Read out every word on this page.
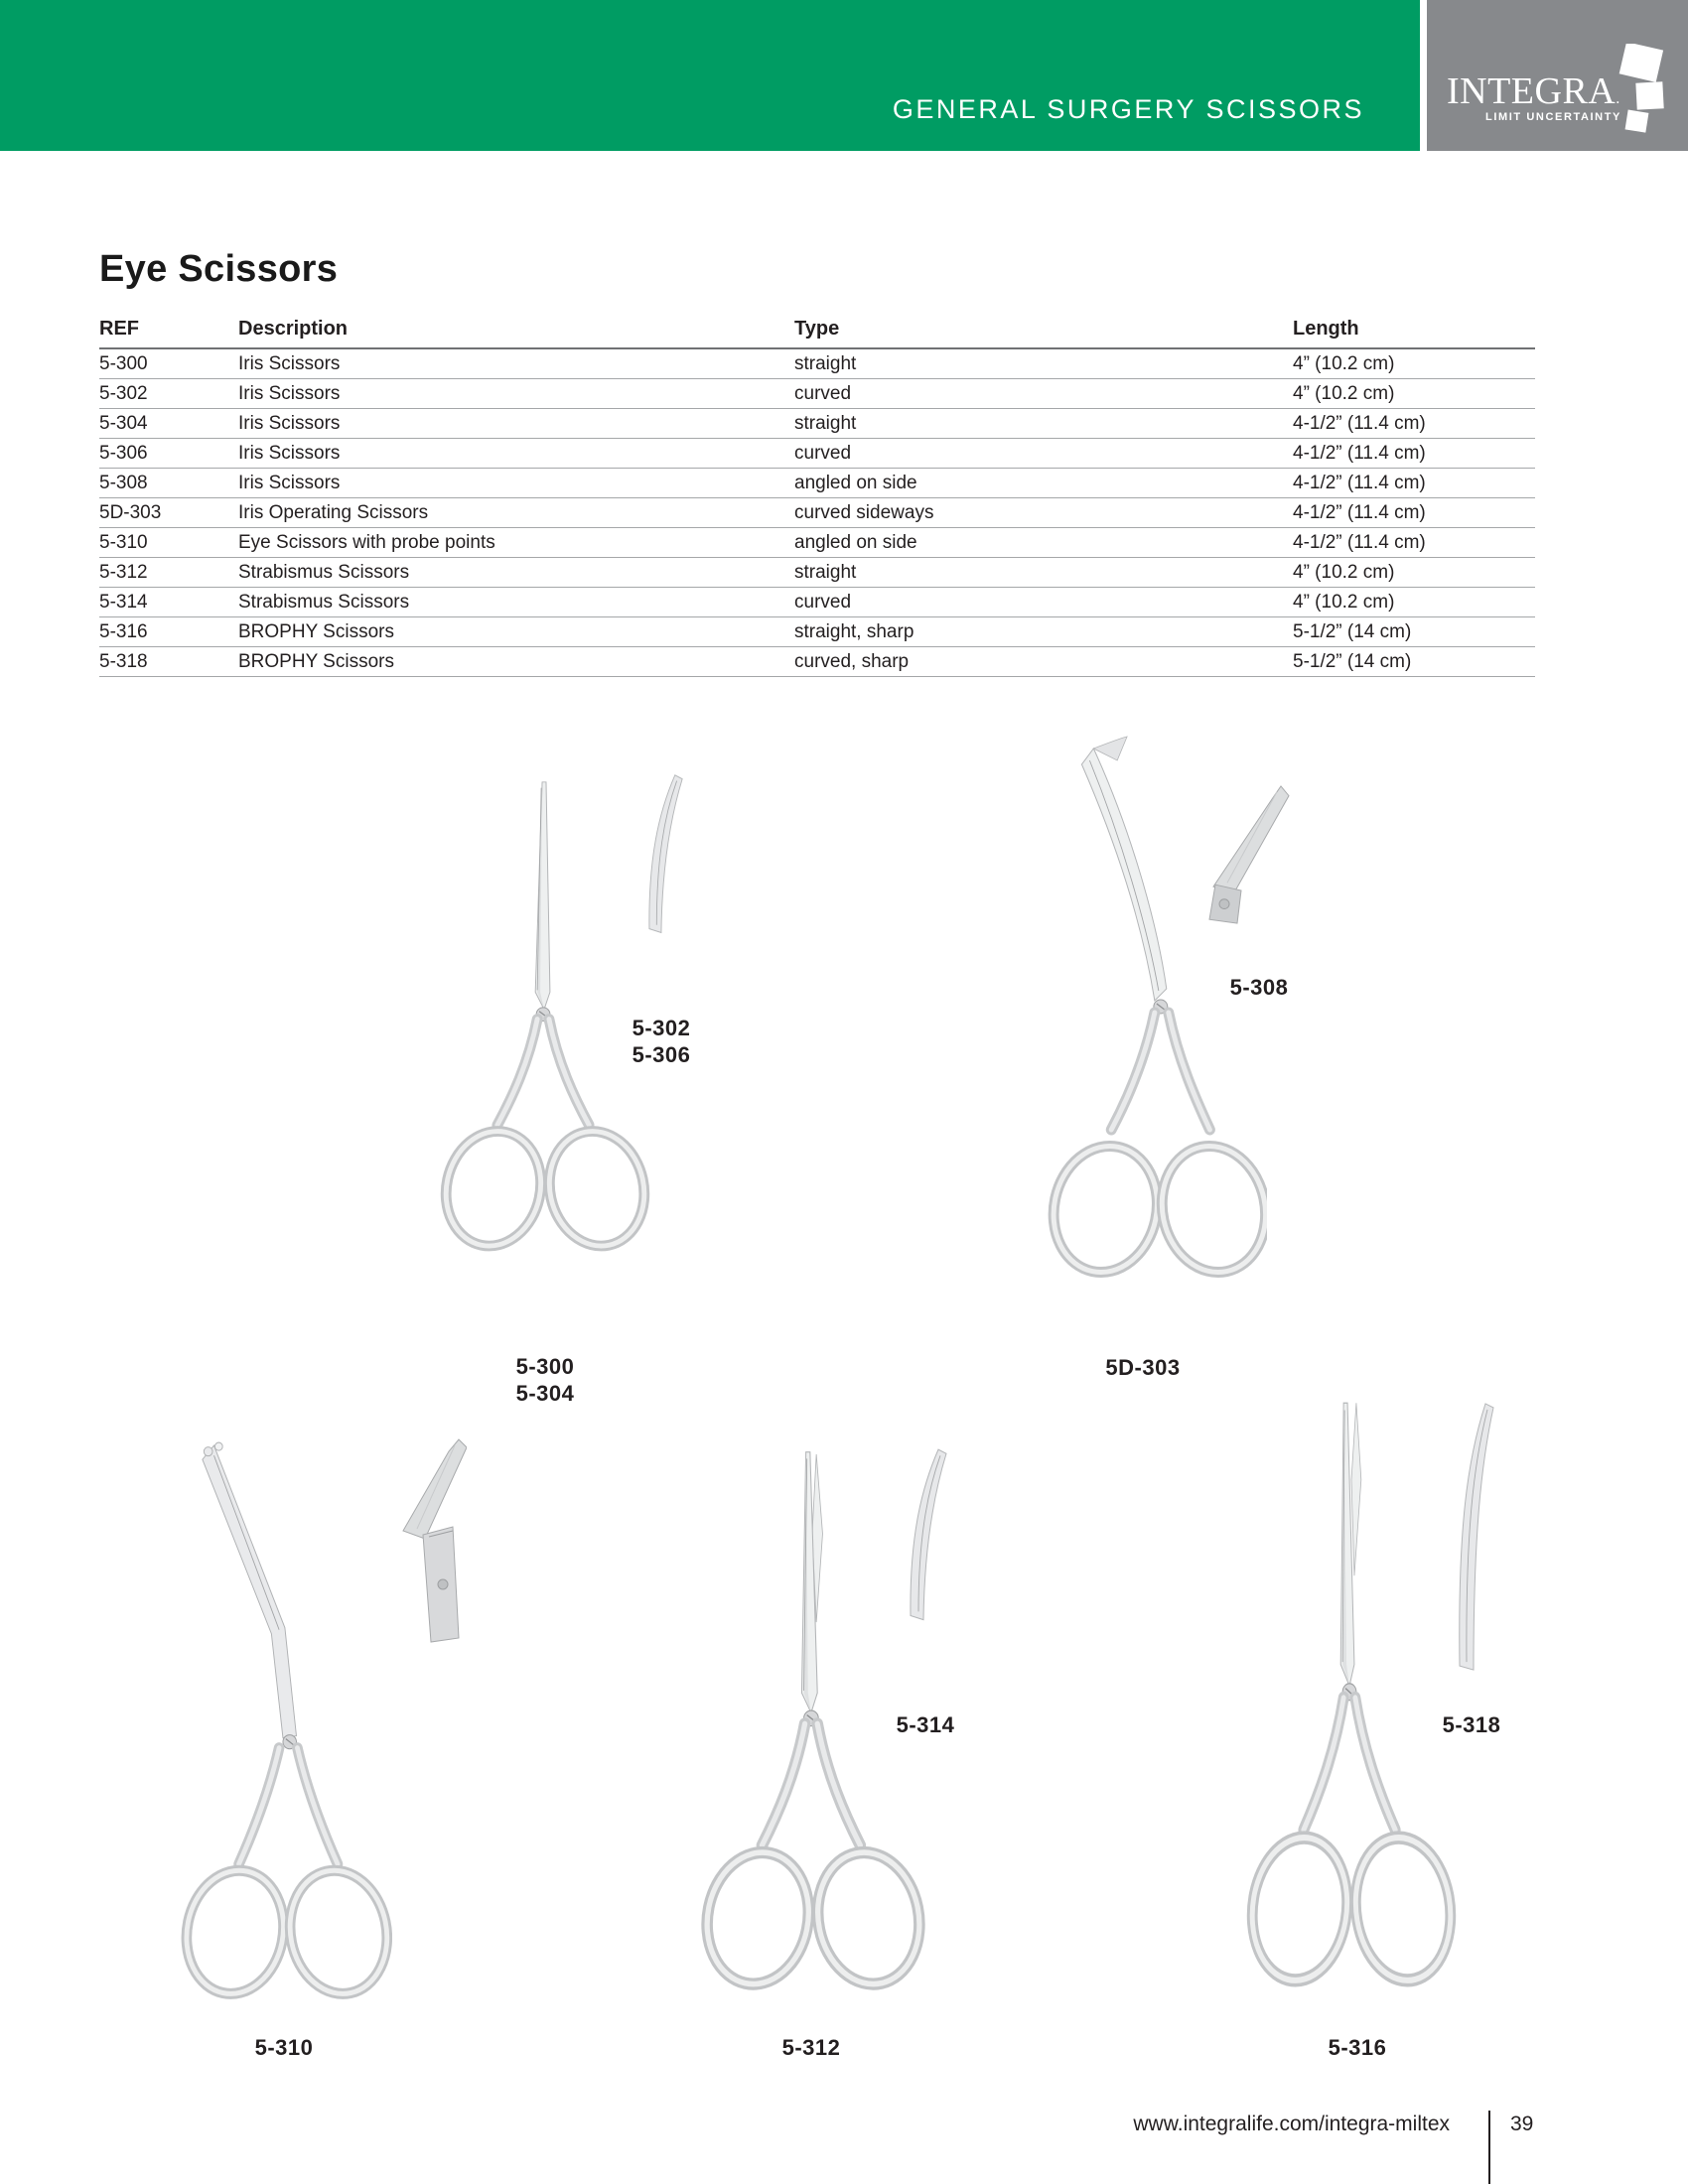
GENERAL SURGERY SCISSORS INTEGRA.
LIMIT UNCERTAINTY
Eye Scissors
REF	Description	Type	Length
5-300	Iris Scissors	straight	4” (10.2 cm)
5-302	Iris Scissors	curved	4” (10.2 cm)
5-304	Iris Scissors	straight	4-1/2” (11.4 cm)
5-306	Iris Scissors	curved	4-1/2” (11.4 cm)
5-308	Iris Scissors	angled on side	4-1/2” (11.4 cm)
5D-303	Iris Operating Scissors	curved sideways	4-1/2” (11.4 cm)
5-310	Eye Scissors with probe points	angled on side	4-1/2” (11.4 cm)
5-312	Strabismus Scissors	straight	4” (10.2 cm)
5-314	Strabismus Scissors	curved	4” (10.2 cm)
5-316	BROPHY Scissors	straight, sharp	5-1/2” (14 cm)
5-318	BROPHY Scissors	curved, sharp	5-1/2” (14 cm)
5-300
5-304
5-302
5-306
5D-303
5-308
5-310	5-312
5-314
5-316
5-318
www.integralife.com/integra-miltex	39
